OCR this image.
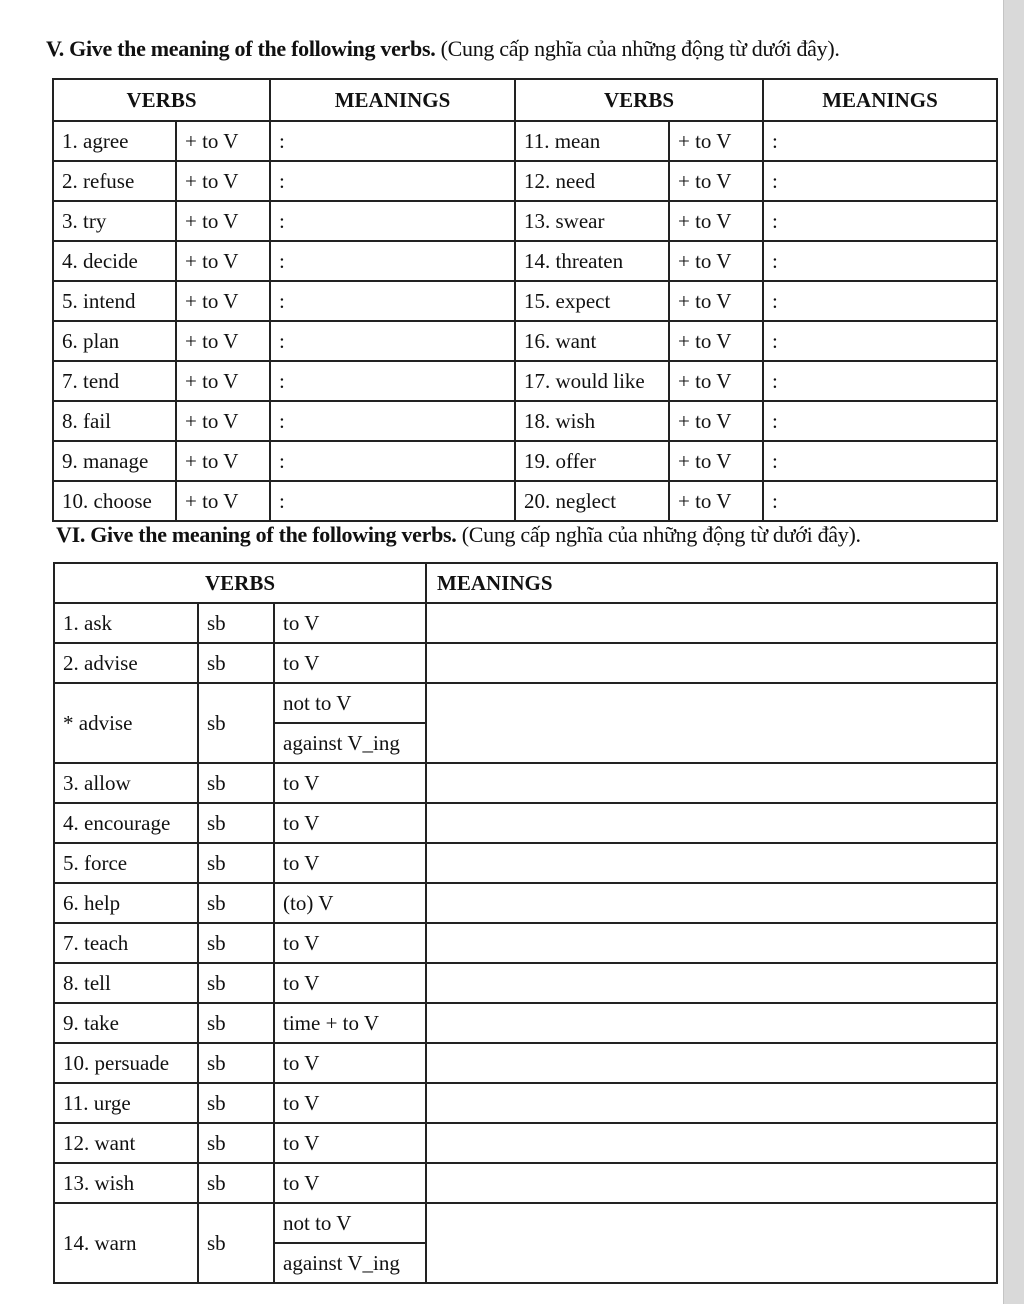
V. Give the meaning of the following verbs. (Cung cấp nghĩa của những động từ dưới đây).
VERBS		MEANINGS	VERBS		MEANINGS
1. agree	+ to V	:	11. mean	+ to V	:
2. refuse	+ to V	:	12. need	+ to V	:
3. try	+ to V	:	13. swear	+ to V	:
4. decide	+ to V	:	14. threaten	+ to V	:
5. intend	+ to V	:	15. expect	+ to V	:
6. plan	+ to V	:	16. want	+ to V	:
7. tend	+ to V	:	17. would like	+ to V	:
8. fail	+ to V	:	18. wish	+ to V	:
9. manage	+ to V	:	19. offer	+ to V	:
10. choose	+ to V	:	20. neglect	+ to V	:
VI. Give the meaning of the following verbs. (Cung cấp nghĩa của những động từ dưới đây).
VERBS			MEANINGS
1. ask	sb	to V	
2. advise	sb	to V	
* advise	sb	not to V	
		against V_ing	
3. allow	sb	to V	
4. encourage	sb	to V	
5. force	sb	to V	
6. help	sb	(to) V	
7. teach	sb	to V	
8. tell	sb	to V	
9. take	sb	time + to V	
10. persuade	sb	to V	
11. urge	sb	to V	
12. want	sb	to V	
13. wish	sb	to V	
14. warn	sb	not to V	
		against V_ing	
